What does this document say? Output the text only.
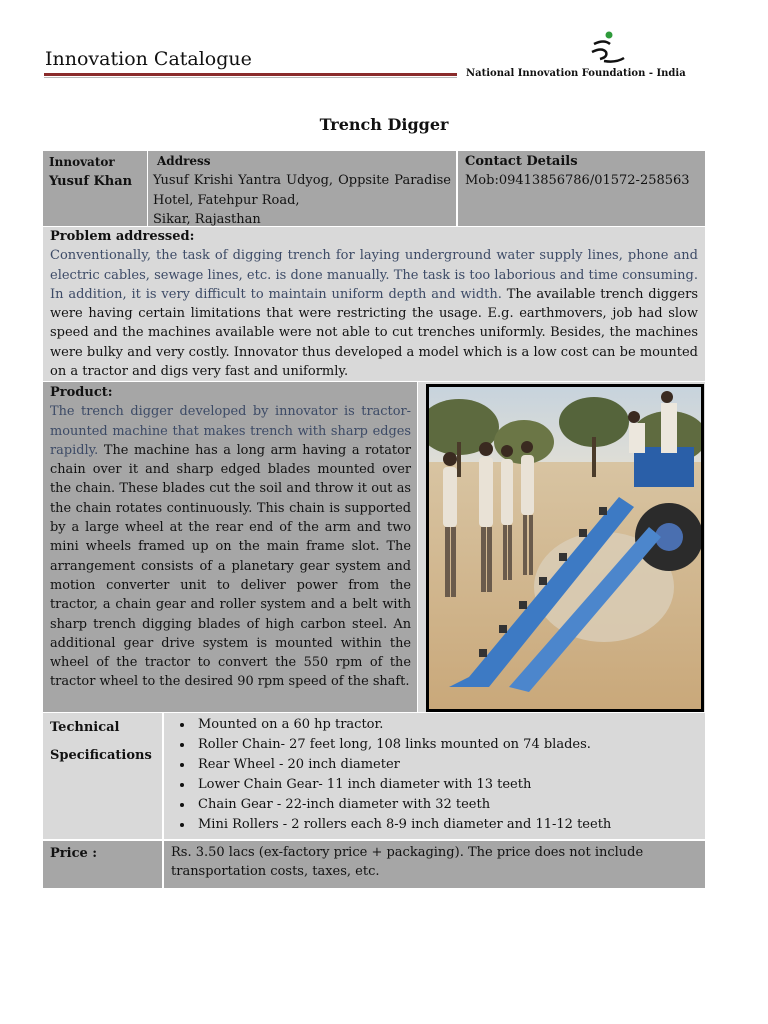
Innovation Catalogue
National Innovation Foundation - India
Trench Digger
Innovator
Yusuf Khan
Address
Yusuf Krishi Yantra Udyog, Oppsite Paradise Hotel, Fatehpur Road,
Sikar, Rajasthan
Contact Details
Mob:09413856786/01572-258563
Problem addressed:
Conventionally, the task of digging trench for laying underground water supply lines, phone and electric cables, sewage lines, etc. is done manually. The task is too laborious and time consuming. In addition, it is very difficult to maintain uniform depth and width. The available trench diggers were having certain limitations that were restricting the usage. E.g. earthmovers, job had slow speed and the machines available were not able to cut trenches uniformly. Besides, the machines were bulky and very costly. Innovator thus developed a model which is a low cost can be mounted on a tractor and digs very fast and uniformly.
Product:
The trench digger developed by innovator is tractor-mounted machine that makes trench with sharp edges rapidly. The machine has a long arm having a rotator chain over it and sharp edged blades mounted over the chain. These blades cut the soil and throw it out as the chain rotates continuously. This chain is supported by a large wheel at the rear end of the arm and two mini wheels framed up on the main frame slot. The arrangement consists of a planetary gear system and motion converter unit to deliver power from the tractor, a chain gear and roller system and a belt with sharp trench digging blades of high carbon steel. An additional gear drive system is mounted within the wheel of the tractor to convert the 550 rpm of the tractor wheel to the desired 90 rpm speed of the shaft.
Technical
Specifications
• Mounted on a 60 hp tractor.
• Roller Chain- 27 feet long, 108 links mounted on 74 blades.
• Rear Wheel - 20 inch diameter
• Lower Chain Gear- 11 inch diameter with 13 teeth
• Chain Gear - 22-inch diameter with 32 teeth
• Mini Rollers - 2 rollers each 8-9 inch diameter and 11-12 teeth
Price :	Rs. 3.50 lacs (ex-factory price + packaging). The price does not include transportation costs, taxes, etc.
